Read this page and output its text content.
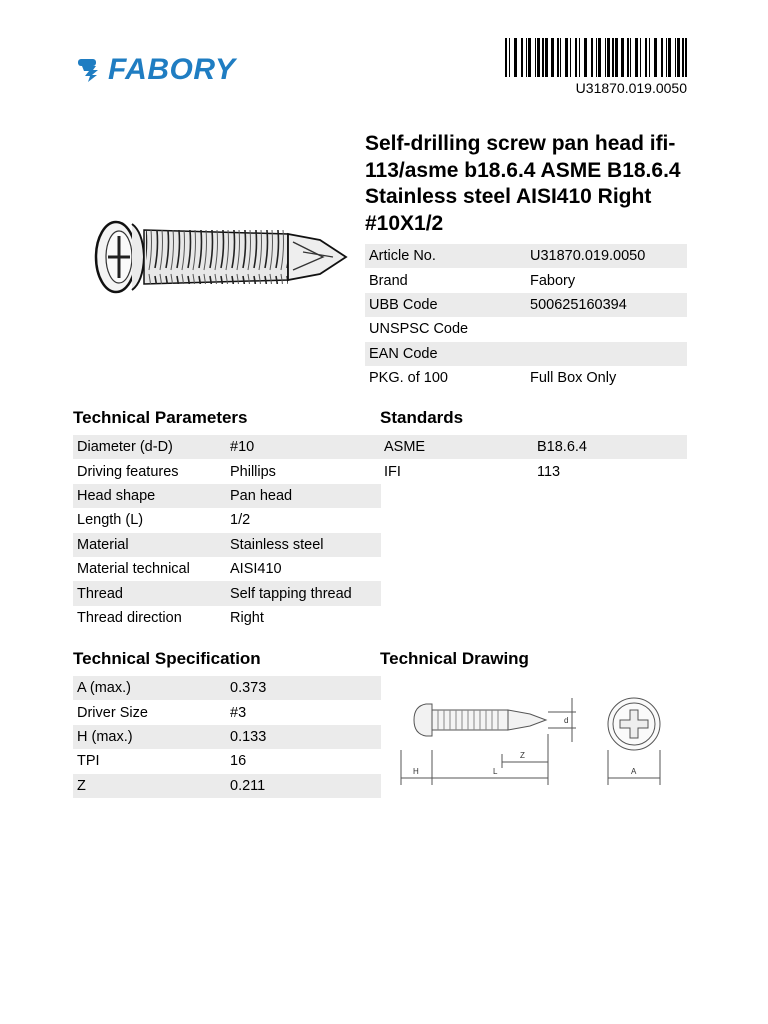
FABORY
U31870.019.0050
Self-drilling screw pan head ifi-113/asme b18.6.4 ASME B18.6.4 Stainless steel AISI410 Right #10X1/2
Article No.	U31870.019.0050
Brand	Fabory
UBB Code	500625160394
UNSPSC Code	
EAN Code	
PKG. of 100	Full Box Only
Technical Parameters
Diameter (d-D)	#10
Driving features	Phillips
Head shape	Pan head
Length (L)	1/2
Material	Stainless steel
Material technical	AISI410
Thread	Self tapping thread
Thread direction	Right
Standards
ASME	B18.6.4
IFI	113
Technical Specification
A (max.)	0.373
Driver Size	#3
H (max.)	0.133
TPI	16
Z	0.211
Technical Drawing
H	L
Z
d
A
